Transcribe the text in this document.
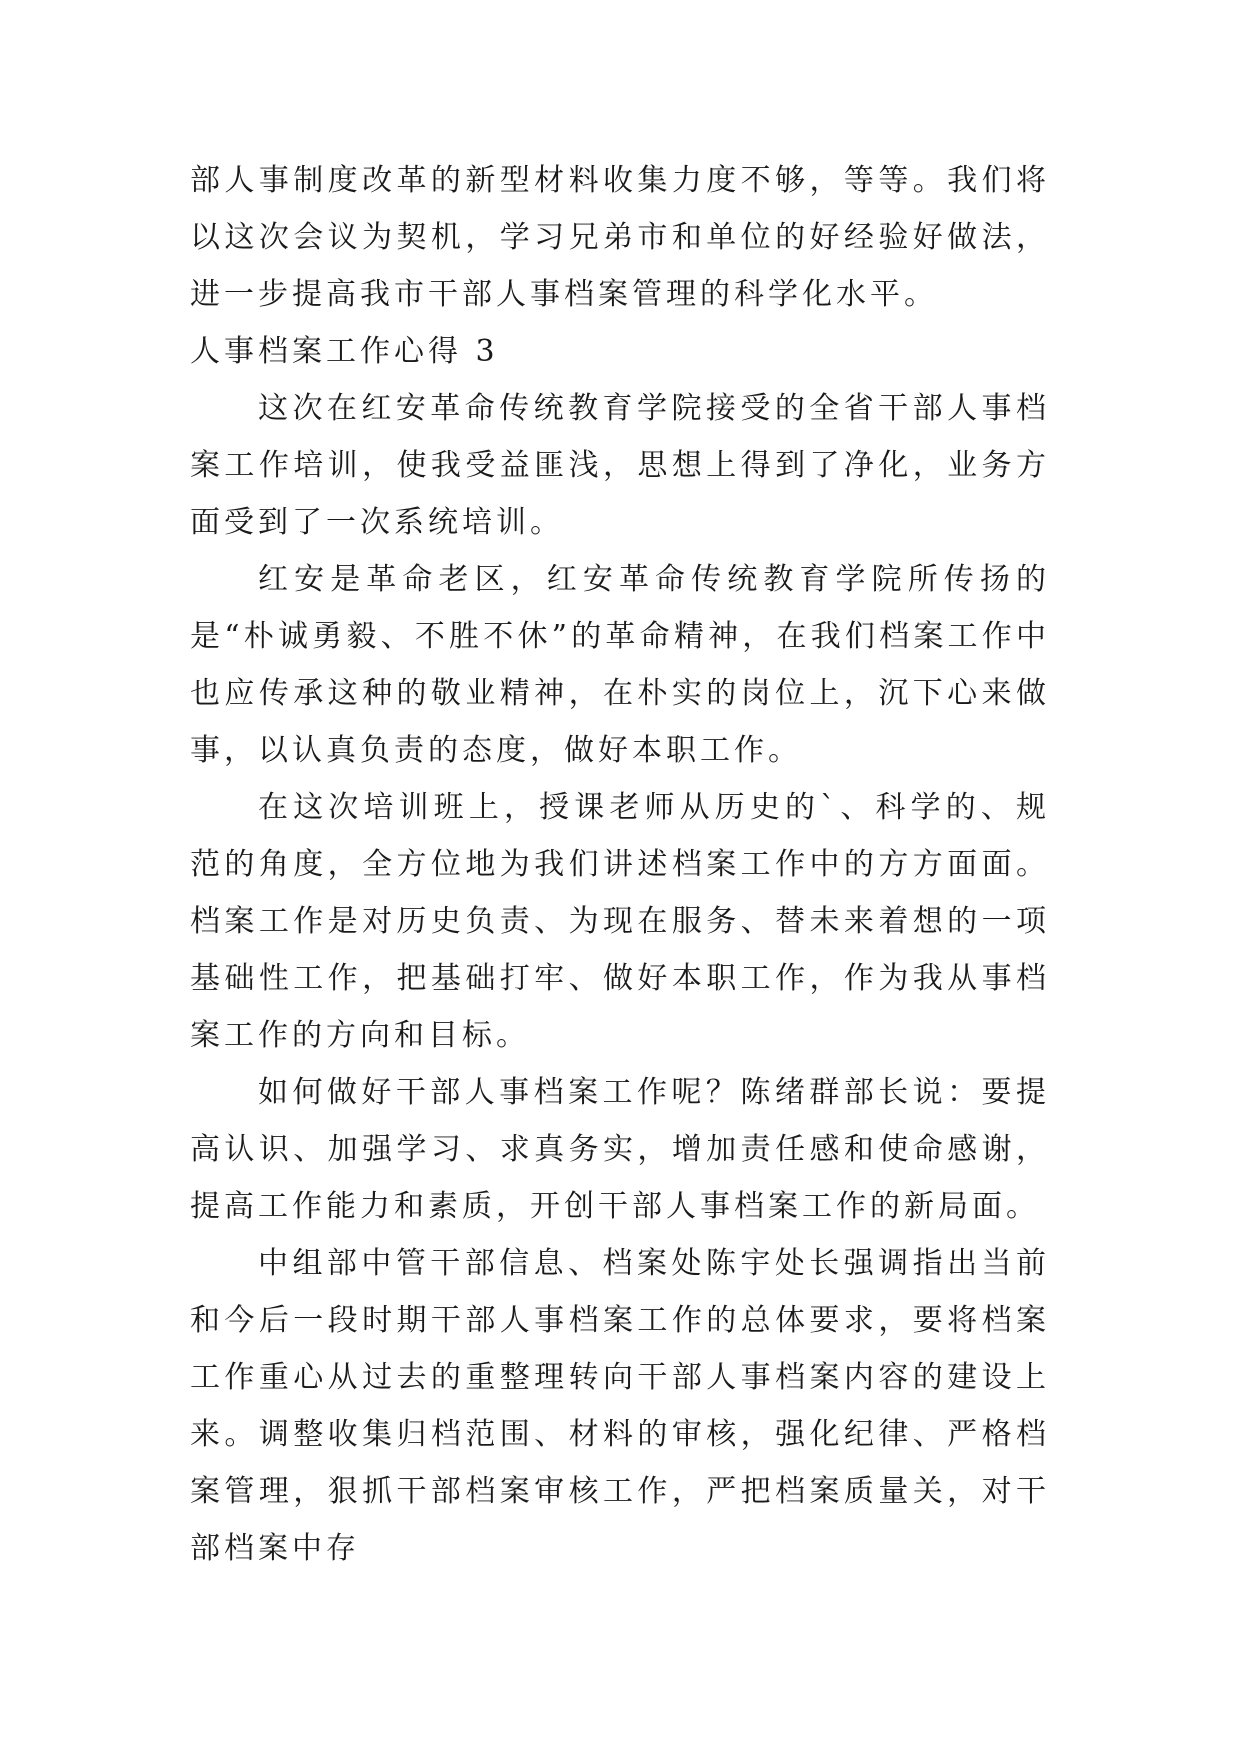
部人事制度改革的新型材料收集力度不够，等等。我们将以这次会议为契机，学习兄弟市和单位的好经验好做法，进一步提高我市干部人事档案管理的科学化水平。

人事档案工作心得 3

这次在红安革命传统教育学院接受的全省干部人事档案工作培训，使我受益匪浅，思想上得到了净化，业务方面受到了一次系统培训。

红安是革命老区，红安革命传统教育学院所传扬的是“朴诚勇毅、不胜不休”的革命精神，在我们档案工作中也应传承这种的敬业精神，在朴实的岗位上，沉下心来做事，以认真负责的态度，做好本职工作。

在这次培训班上，授课老师从历史的`、科学的、规范的角度，全方位地为我们讲述档案工作中的方方面面。档案工作是对历史负责、为现在服务、替未来着想的一项基础性工作，把基础打牢、做好本职工作，作为我从事档案工作的方向和目标。

如何做好干部人事档案工作呢？陈绪群部长说：要提高认识、加强学习、求真务实，增加责任感和使命感谢，提高工作能力和素质，开创干部人事档案工作的新局面。

中组部中管干部信息、档案处陈宇处长强调指出当前和今后一段时期干部人事档案工作的总体要求，要将档案工作重心从过去的重整理转向干部人事档案内容的建设上来。调整收集归档范围、材料的审核，强化纪律、严格档案管理，狠抓干部档案审核工作，严把档案质量关，对干部档案中存
